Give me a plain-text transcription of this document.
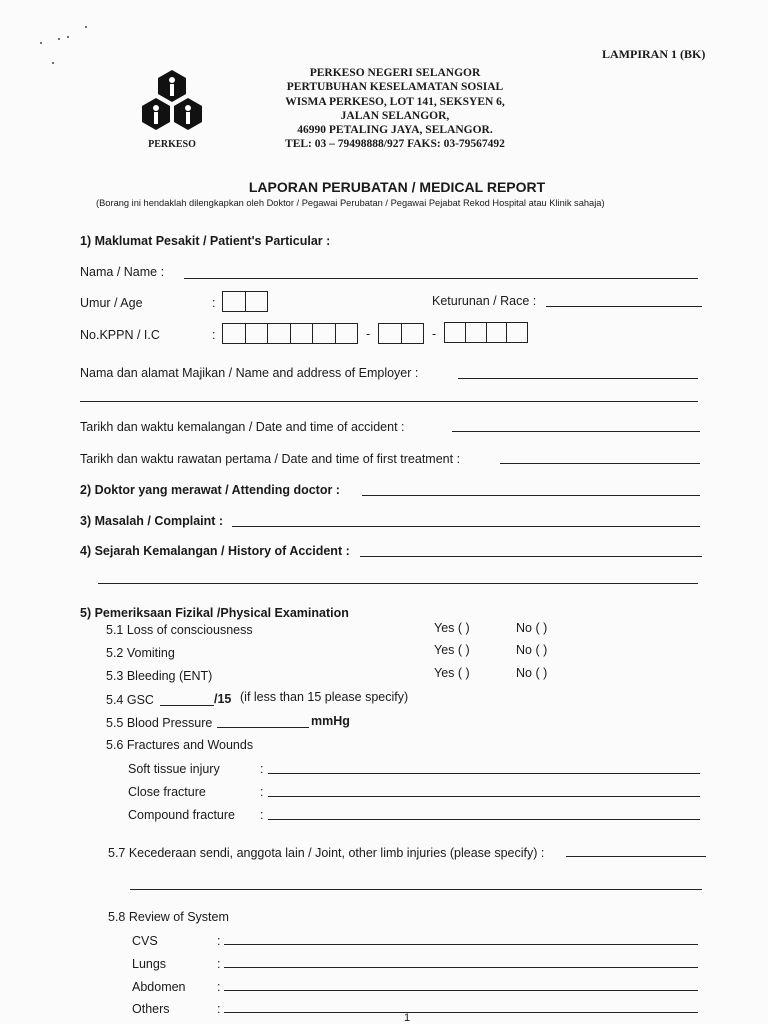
LAMPIRAN 1 (BK)
PERKESO
PERKESO NEGERI SELANGOR
PERTUBUHAN KESELAMATAN SOSIAL
WISMA PERKESO, LOT 141, SEKSYEN 6,
JALAN SELANGOR,
46990 PETALING JAYA, SELANGOR.
TEL: 03 – 79498888/927 FAKS: 03-79567492
LAPORAN PERUBATAN / MEDICAL REPORT
(Borang ini hendaklah dilengkapkan oleh Doktor / Pegawai Perubatan / Pegawai Pejabat Rekod Hospital atau Klinik sahaja)
1) Maklumat Pesakit / Patient's Particular :
Nama / Name :
Umur / Age	:	Keturunan / Race :
No.KPPN / I.C	:	-	-
Nama dan alamat Majikan / Name and address of Employer :
Tarikh dan waktu kemalangan / Date and time of accident :
Tarikh dan waktu rawatan pertama / Date and time of first treatment :
2) Doktor yang merawat / Attending doctor :
3) Masalah / Complaint :
4) Sejarah Kemalangan / History of Accident :
5) Pemeriksaan Fizikal /Physical Examination
5.1 Loss of consciousness	Yes ( )	No ( )
5.2 Vomiting	Yes ( )	No ( )
5.3 Bleeding (ENT)	Yes ( )	No ( )
5.4 GSC	/15 (if less than 15 please specify)
5.5 Blood Pressure	mmHg
5.6 Fractures and Wounds
Soft tissue injury	:
Close fracture	:
Compound fracture :
5.7 Kecederaan sendi, anggota lain / Joint, other limb injuries (please specify) :
5.8 Review of System
CVS	:
Lungs	:
Abdomen	:
Others	:
1
